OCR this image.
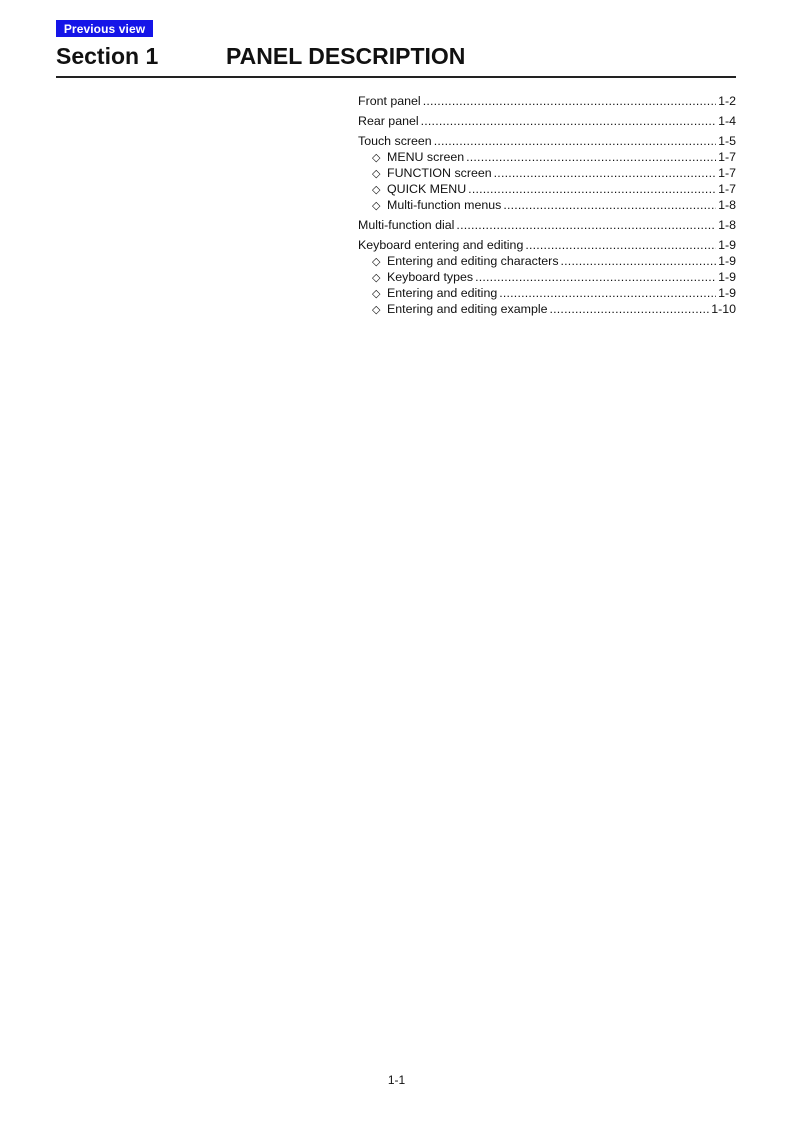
Previous view
Section 1	PANEL DESCRIPTION
Front panel .....	1-2
Rear panel .....	1-4
Touch screen .....	1-5
◇ MENU screen .....	1-7
◇ FUNCTION screen .....	1-7
◇ QUICK MENU .....	1-7
◇ Multi-function menus .....	1-8
Multi-function dial .....	1-8
Keyboard entering and editing .....	1-9
◇ Entering and editing characters .....	1-9
◇ Keyboard types .....	1-9
◇ Entering and editing .....	1-9
◇ Entering and editing example .....	1-10
1-1
